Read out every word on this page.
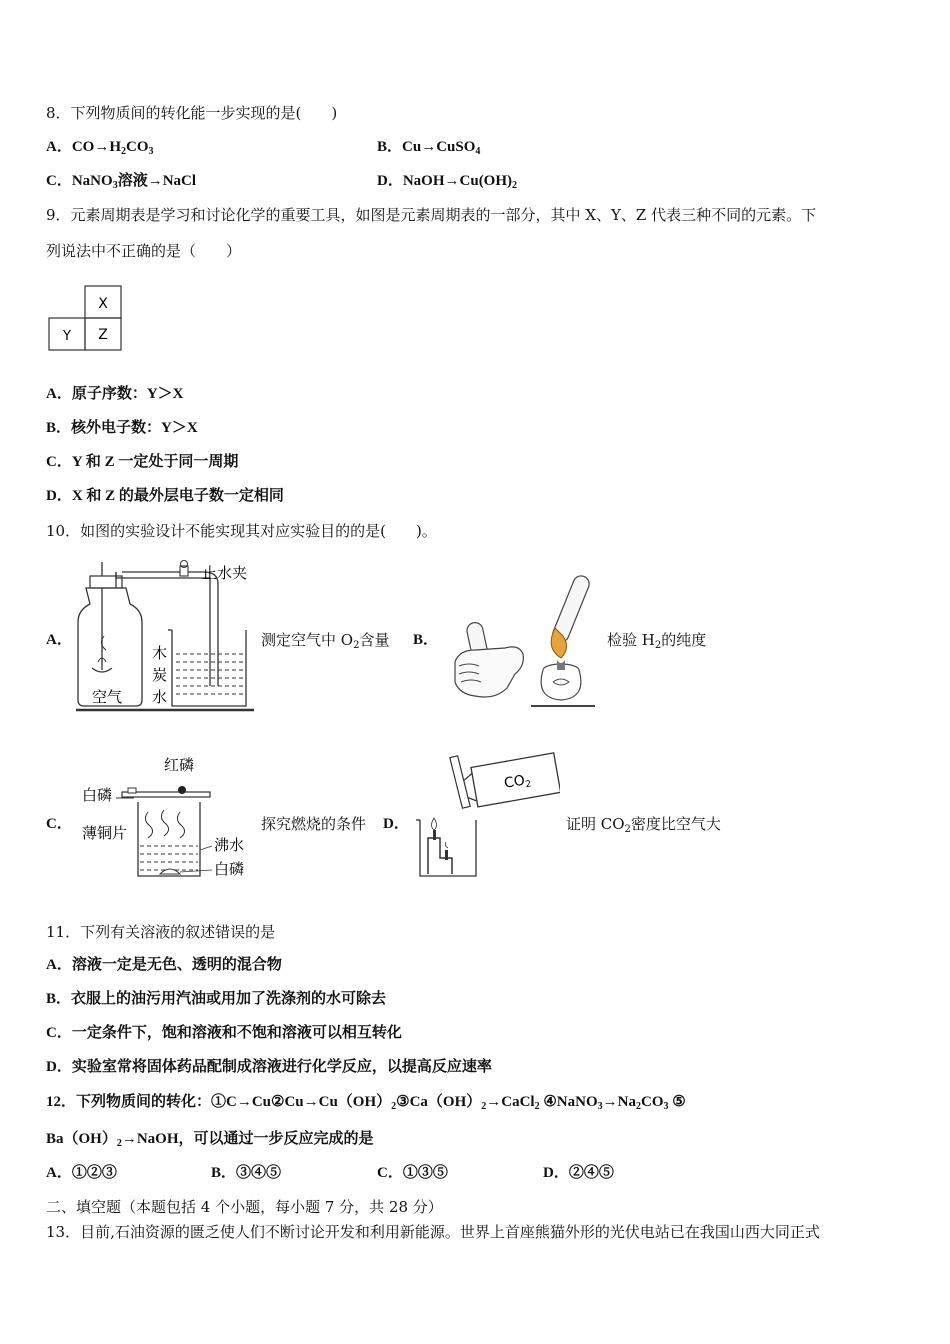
8．下列物质间的转化能一步实现的是(　　)
A．$CO\to H_2CO_3$	B．Cu→CuSO$_4$
C．NaNO$_3$溶液→NaCl	D．$NaOH\to Cu(OH)_2$
9．元素周期表是学习和讨论化学的重要工具，如图是元素周期表的一部分，其中 X、Y、Z 代表三种不同的元素。下
列说法中不正确的是（　　）
X
Y Z
A．原子序数：Y＞X
B．核外电子数：Y＞X
C．Y 和 Z 一定处于同一周期
D．X 和 Z 的最外层电子数一定相同
10．如图的实验设计不能实现其对应实验目的的是(　　)。
A．
木
炭
水
空气
止水夹
测定空气中 $O_2$含量 B．	检验 $H_2$的纯度
C．
红磷
白磷
薄铜片
沸水
白磷
探究燃烧的条件 D．
$CO_2$
证明 $CO_2$密度比空气大
11．下列有关溶液的叙述错误的是
A．溶液一定是无色、透明的混合物
B．衣服上的油污用汽油或用加了洗涤剂的水可除去
C．一定条件下，饱和溶液和不饱和溶液可以相互转化
D．实验室常将固体药品配制成溶液进行化学反应，以提高反应速率
12．下列物质间的转化：$①C\to Cu②Cu\to Cu(OH)_2③Ca(OH)_2\to CaCl_2$ $④NaNO_3\to Na_2CO_3$ ⑤
$Ba(OH)_2\to NaOH$，可以通过一步反应完成的是
A．①②③	B．③④⑤	C．①③⑤	D．②④⑤
二、填空题（本题包括 4 个小题，每小题 7 分，共 28 分）
13．目前,石油资源的匮乏使人们不断讨论开发和利用新能源。世界上首座熊猫外形的光伏电站已在我国山西大同正式
